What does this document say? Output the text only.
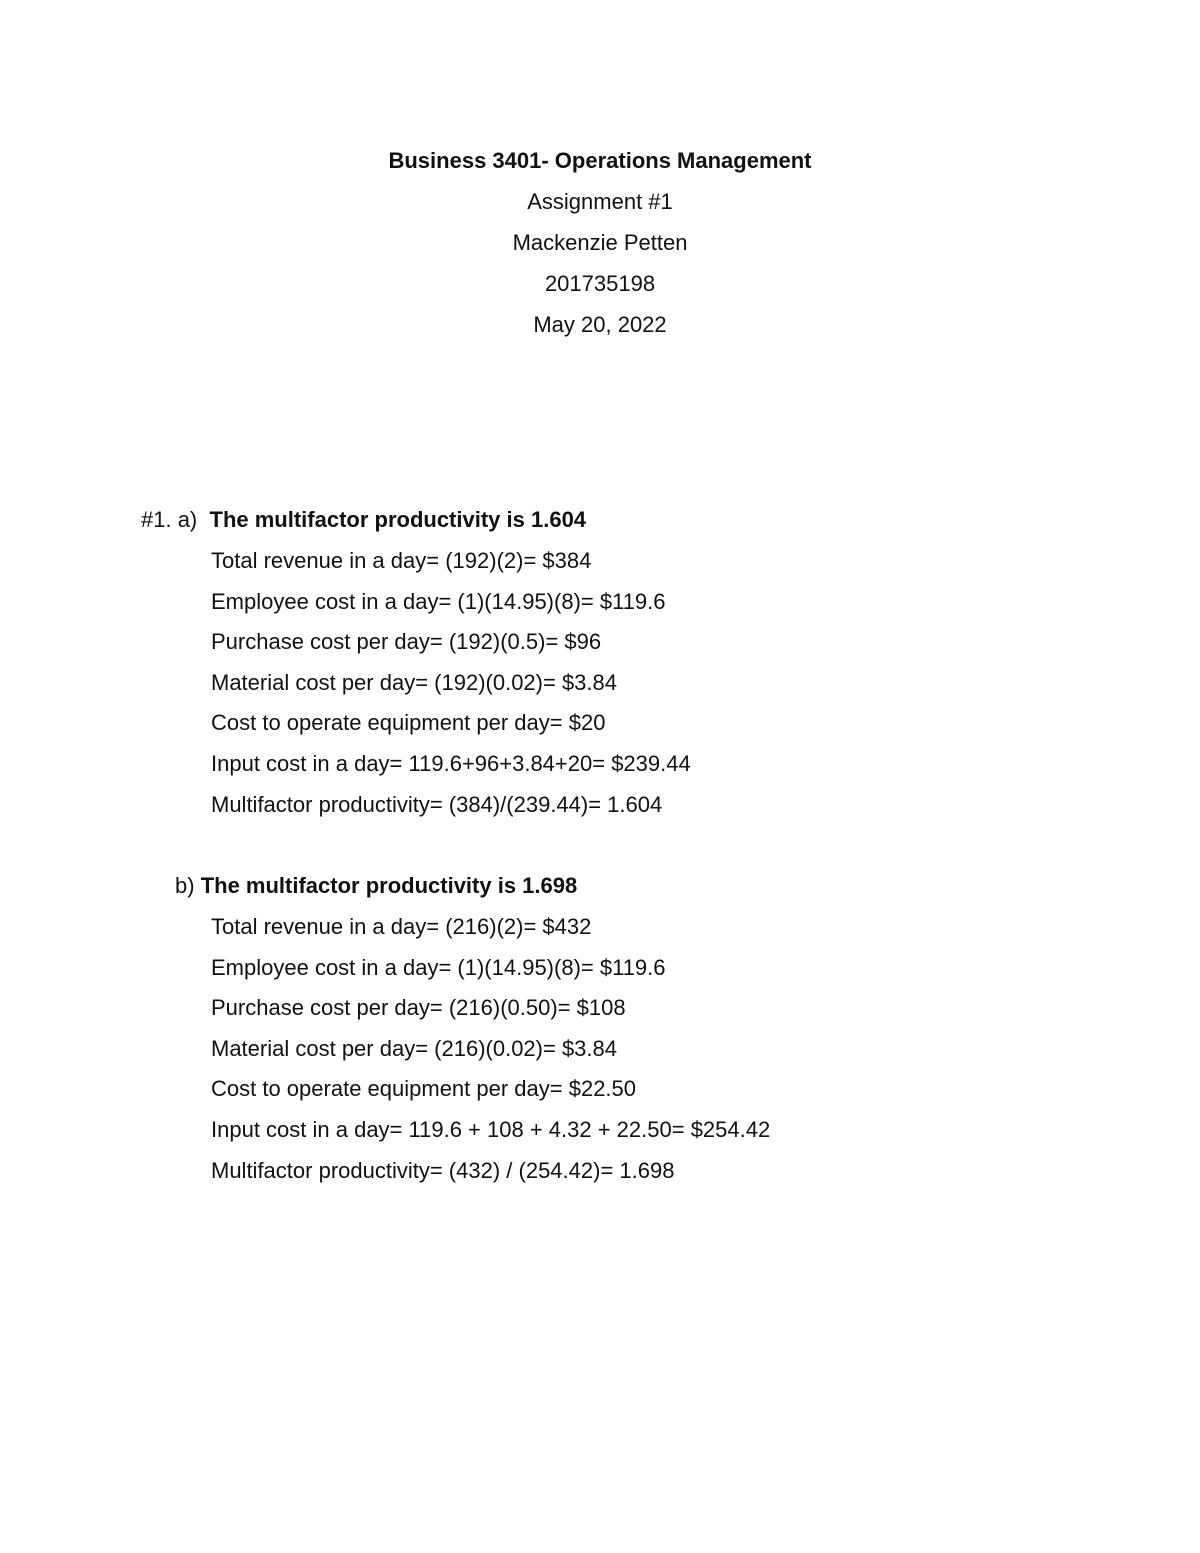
Business 3401- Operations Management
Assignment #1
Mackenzie Petten
201735198
May 20, 2022
#1. a) The multifactor productivity is 1.604
Total revenue in a day= (192)(2)= $384
Employee cost in a day= (1)(14.95)(8)= $119.6
Purchase cost per day= (192)(0.5)= $96
Material cost per day= (192)(0.02)= $3.84
Cost to operate equipment per day= $20
Input cost in a day= 119.6+96+3.84+20= $239.44
Multifactor productivity= (384)/(239.44)= 1.604
b) The multifactor productivity is 1.698
Total revenue in a day= (216)(2)= $432
Employee cost in a day= (1)(14.95)(8)= $119.6
Purchase cost per day= (216)(0.50)= $108
Material cost per day= (216)(0.02)= $3.84
Cost to operate equipment per day= $22.50
Input cost in a day= 119.6 + 108 + 4.32 + 22.50= $254.42
Multifactor productivity= (432) / (254.42)= 1.698
